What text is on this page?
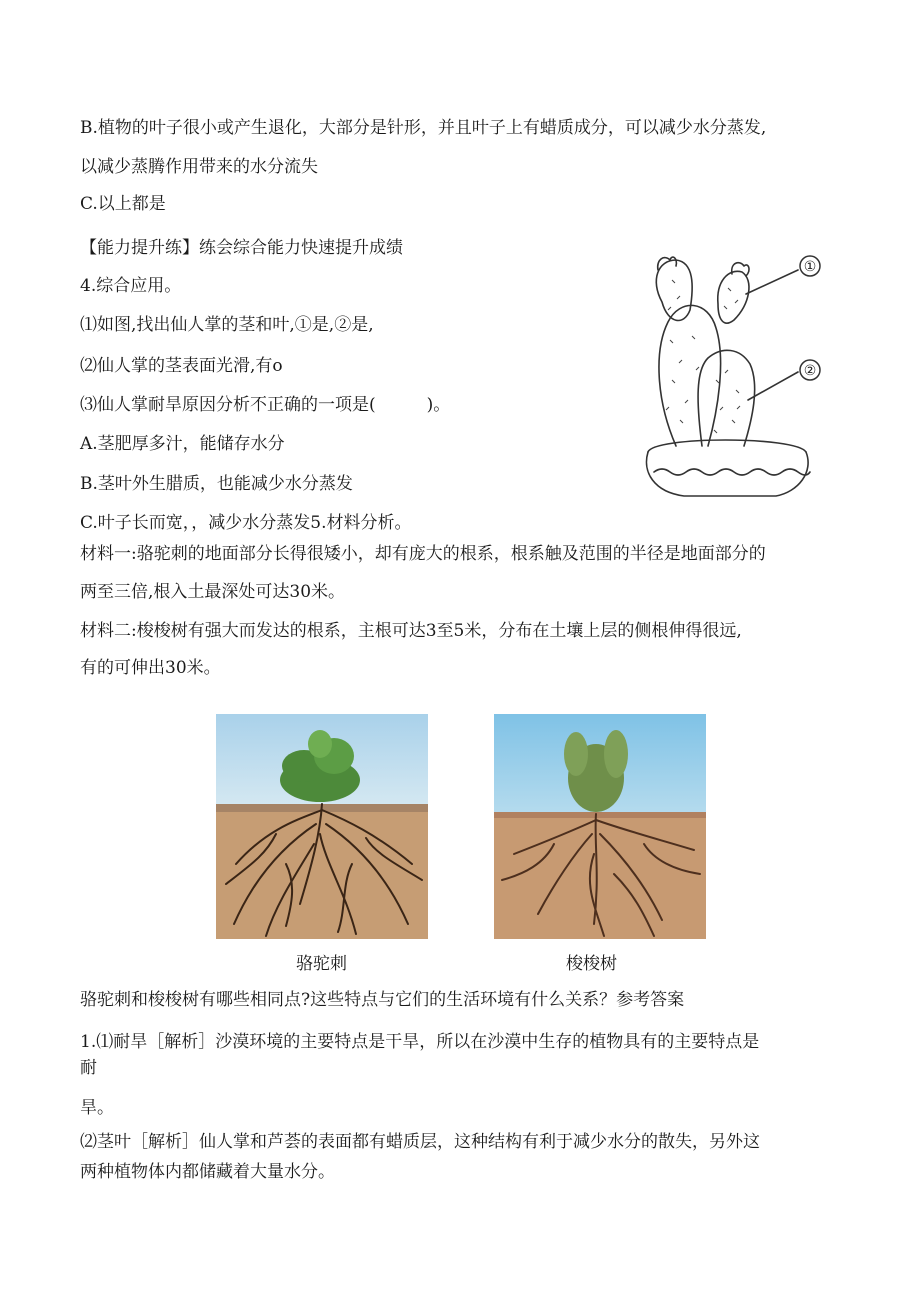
B.植物的叶子很小或产生退化，大部分是针形，并且叶子上有蜡质成分，可以减少水分蒸发,
以减少蒸腾作用带来的水分流失
C.以上都是
【能力提升练】练会综合能力快速提升成绩
4.综合应用。
⑴如图,找出仙人掌的茎和叶,①是,②是,
⑵仙人掌的茎表面光滑,有o
⑶仙人掌耐旱原因分析不正确的一项是(　　　)。
A.茎肥厚多汁，能储存水分
B.茎叶外生腊质，也能减少水分蒸发
C.叶子长而宽，，减少水分蒸发5.材料分析。
材料一:骆驼刺的地面部分长得很矮小，却有庞大的根系，根系触及范围的半径是地面部分的
两至三倍,根入土最深处可达30米。
材料二:梭梭树有强大而发达的根系，主根可达3至5米，分布在土壤上层的侧根伸得很远,
有的可伸出30米。
①
②
骆驼刺	梭梭树
骆驼刺和梭梭树有哪些相同点?这些特点与它们的生活环境有什么关系？参考答案
1.⑴耐旱［解析］沙漠环境的主要特点是干旱，所以在沙漠中生存的植物具有的主要特点是
耐
旱。
⑵茎叶［解析］仙人掌和芦荟的表面都有蜡质层，这种结构有利于减少水分的散失，另外这
两种植物体内都储藏着大量水分。
